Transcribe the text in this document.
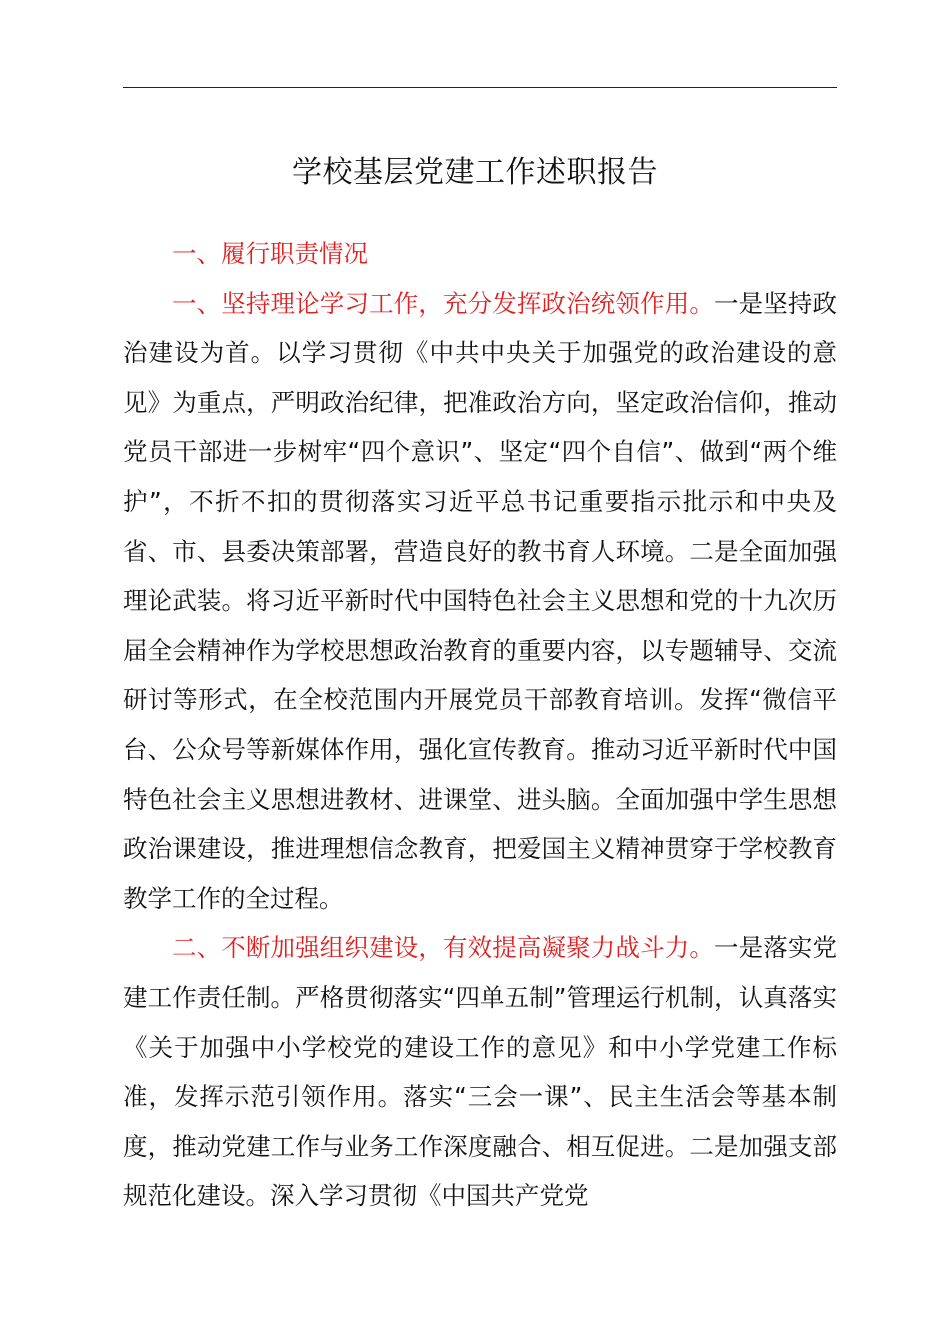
学校基层党建工作述职报告

一、履行职责情况

一、坚持理论学习工作，充分发挥政治统领作用。一是坚持政治建设为首。以学习贯彻《中共中央关于加强党的政治建设的意见》为重点，严明政治纪律，把准政治方向，坚定政治信仰，推动党员干部进一步树牢“四个意识”、坚定“四个自信”、做到“两个维护”，不折不扣的贯彻落实习近平总书记重要指示批示和中央及省、市、县委决策部署，营造良好的教书育人环境。二是全面加强理论武装。将习近平新时代中国特色社会主义思想和党的十九次历届全会精神作为学校思想政治教育的重要内容，以专题辅导、交流研讨等形式，在全校范围内开展党员干部教育培训。发挥“微信平台、公众号等新媒体作用，强化宣传教育。推动习近平新时代中国特色社会主义思想进教材、进课堂、进头脑。全面加强中学生思想政治课建设，推进理想信念教育，把爱国主义精神贯穿于学校教育教学工作的全过程。

二、不断加强组织建设，有效提高凝聚力战斗力。一是落实党建工作责任制。严格贯彻落实“四单五制”管理运行机制，认真落实《关于加强中小学校党的建设工作的意见》和中小学党建工作标准，发挥示范引领作用。落实“三会一课”、民主生活会等基本制度，推动党建工作与业务工作深度融合、相互促进。二是加强支部规范化建设。深入学习贯彻《中国共产党党
